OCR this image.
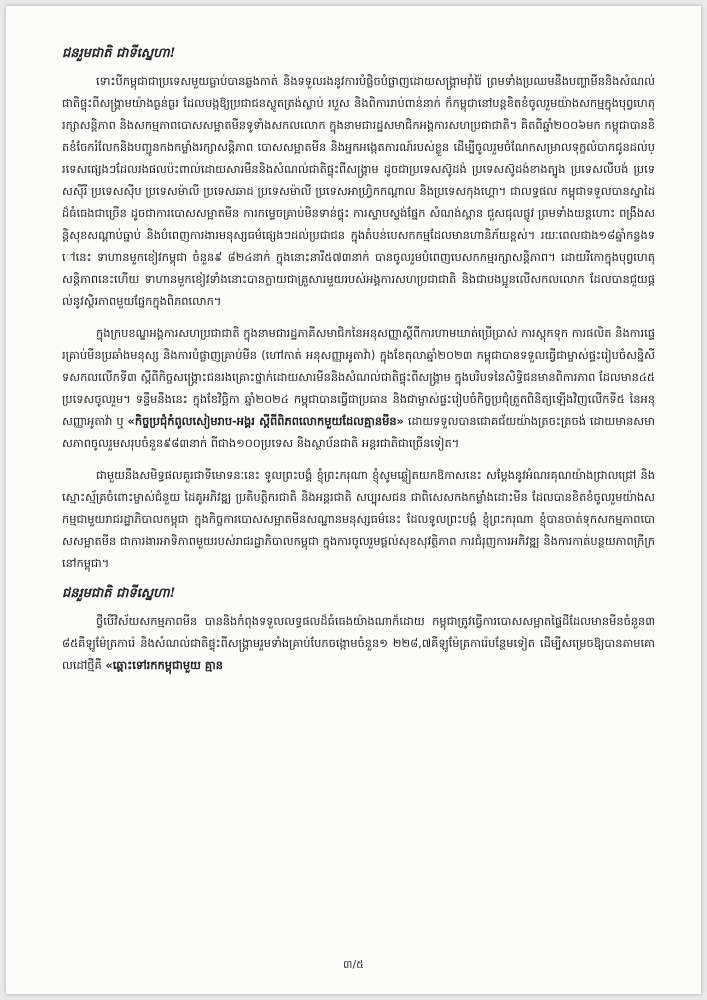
ជនរួមជាតិ ជាទីស្នេហា!
ទោះបីកម្ពុជាជាប្រទេសមួយធ្លាប់បានឆ្លងកាត់ និងទទួលរងនូវការបំផ្លិចបំផ្លាញដោយសង្គ្រាមរ៉ាំរ៉ៃ ព្រមទាំងប្រឈមនឹងបញ្ហាមីននិងសំណល់ជាតិផ្ទុះពីសង្គ្រាមយ៉ាងធ្ងន់ធ្ងរ ដែលបង្កឱ្យប្រជាជនស្លូតត្រង់ស្លាប់ របួស និងពិការរាប់ពាន់នាក់ ក៏កម្ពុជានៅបន្តខិតខំចូលរួមយ៉ាងសកម្មក្នុងបុព្វហេតុរក្សាសន្តិភាព និងសកម្មភាពបោសសម្អាតមីនទូទាំងសកលលោក ក្នុងនាមជារដ្ឋសមាជិកអង្គការសហប្រជាជាតិ។ គិតពីឆ្នាំ២០០៦មក កម្ពុជាបានខិតខំចែករំលែកនិងបញ្ជូនកងកម្លាំងរក្សាសន្តិភាព បោសសម្អាតមីន និងអ្នកអង្កេតការណ៍របស់ខ្លួន ដើម្បីចូលរួមចំណែកសម្រាលទុក្ខលំបាកជូនដល់ប្រទេសផ្សេងៗដែលរងផលប៉ះពាល់ដោយសារមីននិងសំណល់ជាតិផ្ទុះពីសង្គ្រាម ដូចជាប្រទេសស៊ូដង់ ប្រទេសស៊ូដង់ខាងត្បូង ប្រទេសលីបង់ ប្រទេសស៊ីរី ប្រទេសស៊ីប ប្រទេសម៉ាលី ប្រទេសឆាដ ប្រទេសម៉ាលី ប្រទេសអាហ្វ្រិកកណ្តាល និងប្រទេសកុងហ្គោ។ ជាលទ្ធផល កម្ពុជាទទួលបានស្នាដៃដ៏ធំធេងជាច្រើន ដូចជាការបោសសម្អាតមីន ការកម្ទេចគ្រាប់មិនទាន់ផ្ទុះ ការស្ទាបស្ទង់ផ្នែក សំណង់ស្ពាន ជួសជុលផ្លូវ ព្រមទាំងយន្តហោះ ពង្រឹងសន្តិសុខសណ្តាប់ធ្នាប់ និងបំពេញការងារមនុស្សធម៌ផ្សេងៗដល់ប្រជាជន ក្នុងតំបន់បេសកកម្មដែលមានហានិភ័យខ្ពស់។ រយៈពេលជាង១៨ឆ្នាំកន្លងទៅនេះ ទាហានមួកខៀវកម្ពុជា ចំនួន៩ ៨២៤នាក់ ក្នុងនោះនារី៥៧៣នាក់ បានចូលរួមបំពេញបេសកកម្មរក្សាសន្តិភាព។ ដោយរីកោក្នុងបុព្វហេតុសន្តិភាពនេះហើយ ទាហានមួកខៀវទាំងនោះបានក្លាយជាគ្រួសារមួយរបស់អង្គការសហប្រជាជាតិ និងជាបងប្អូនលើសកលលោក ដែលបានជួយផ្តល់នូវស្ថិរភាពមួយផ្នែកក្នុងពិភពលោក។
ក្នុងក្របខណ្ឌអង្គការសហប្រជាជាតិ ក្នុងនាមជារដ្ឋភាគីសមាជិកនៃអនុសញ្ញាស្តីពីការហាមឃាត់ប្រើប្រាស់ ការស្តុកទុក ការផលិត និងការផ្ទេរគ្រាប់មីនប្រឆាំងមនុស្ស និងការបំផ្លាញគ្រាប់មីន (ហៅកាត់ អនុសញ្ញាអូតាវ៉ា) ក្នុងខែតុលាឆ្នាំ២០២៣ កម្ពុជាបានទទួលធ្វើជាម្ចាស់ផ្ទះរៀបចំសន្និសីទសកលលើកទី៣ ស្តីពីកិច្ចសង្គ្រោះជនរងគ្រោះថ្នាក់ដោយសារមីននិងសំណល់ជាតិផ្ទុះពីសង្គ្រាម ក្នុងបរិបទនៃសិទ្ធិជនមានពិការភាព ដែលមាន៤៥ប្រទេសចូលរួម។ ទន្ទឹមនឹងនេះ ក្នុងខែវិច្ឆិកា ឆ្នាំ២០២៤ កម្ពុជាបានធ្វើជាប្រធាន និងជាម្ចាស់ផ្ទះរៀបចំកិច្ចប្រជុំត្រួតពិនិត្យឡើងវិញលើកទី៥ នៃអនុសញ្ញាអូតាវ៉ា ឬ «កិច្ចប្រជុំកំពូលសៀមរាប-អង្គរ ស្តីពីពិភពលោកមួយដែលគ្មានមីន» ដោយទទួលបានជោគជ័យយ៉ាងត្រចះត្រចង់ ដោយមានសមាសភាពចូលរួមសរុបចំនួន៩៨៣នាក់ ពីជាង១០០ប្រទេស និងស្ថាប័នជាតិ អន្តរជាតិជាច្រើនទៀត។
ជាមួយនឹងសមិទ្ធផលគួរជាទីមោទនៈនេះ ទូលព្រះបង្គំ ខ្ញុំព្រះករុណា ខ្ញុំសូមឆ្លៀតយកឱកាសនេះ សម្តែងនូវអំណរគុណយ៉ាងជ្រាលជ្រៅ និងស្មោះស្ម័គ្រចំពោះម្ចាស់ជំនួយ ដៃគូអភិវឌ្ឍ ប្រតិបត្តិករជាតិ និងអន្តរជាតិ សប្បុរសជន ជាពិសេសកងកម្លាំងដោះមីន ដែលបានខិតខំចូលរួមយ៉ាងសកម្មជាមួយរាជរដ្ឋាភិបាលកម្ពុជា ក្នុងកិច្ចការបោសសម្អាតមីនសណ្ឋានមនុស្សធម៌នេះ ដែលទូលព្រះបង្គំ ខ្ញុំព្រះករុណា ខ្ញុំបានចាត់ទុកសកម្មភាពបោសសម្អាតមីន ជាការងារអាទិភាពមួយរបស់រាជរដ្ឋាភិបាលកម្ពុជា ក្នុងការចូលរួមផ្តល់សុខសុវត្ថិភាព ការជំរុញការអភិវឌ្ឍ និងការកាត់បន្ថយភាពក្រីក្រនៅកម្ពុជា។
ជនរួមជាតិ ជាទីស្នេហា!
ថ្វីបើវិស័យសកម្មភាពមីន បាននិងកំពុងទទួលលទ្ធផលដ៏ធំធេងយ៉ាងណាក៏ដោយ កម្ពុជាត្រូវធ្វើការបោសសម្អាតផ្ទៃដីដែលមានមីនចំនួន៣៨៥គីឡូម៉ែត្រការ៉េ និងសំណល់ជាតិផ្ទុះពីសង្គ្រាមរួមទាំងគ្រាប់បែកចង្កោមចំនួន១ ២២៨,៧គីឡូម៉ែត្រការ៉េបន្ថែមទៀត ដើម្បីសម្រេចឱ្យបានតាមគោលដៅថ្មីគឺ «ឆ្ពោះទៅរកកម្ពុជាមួយ គ្មាន
៣/៥
